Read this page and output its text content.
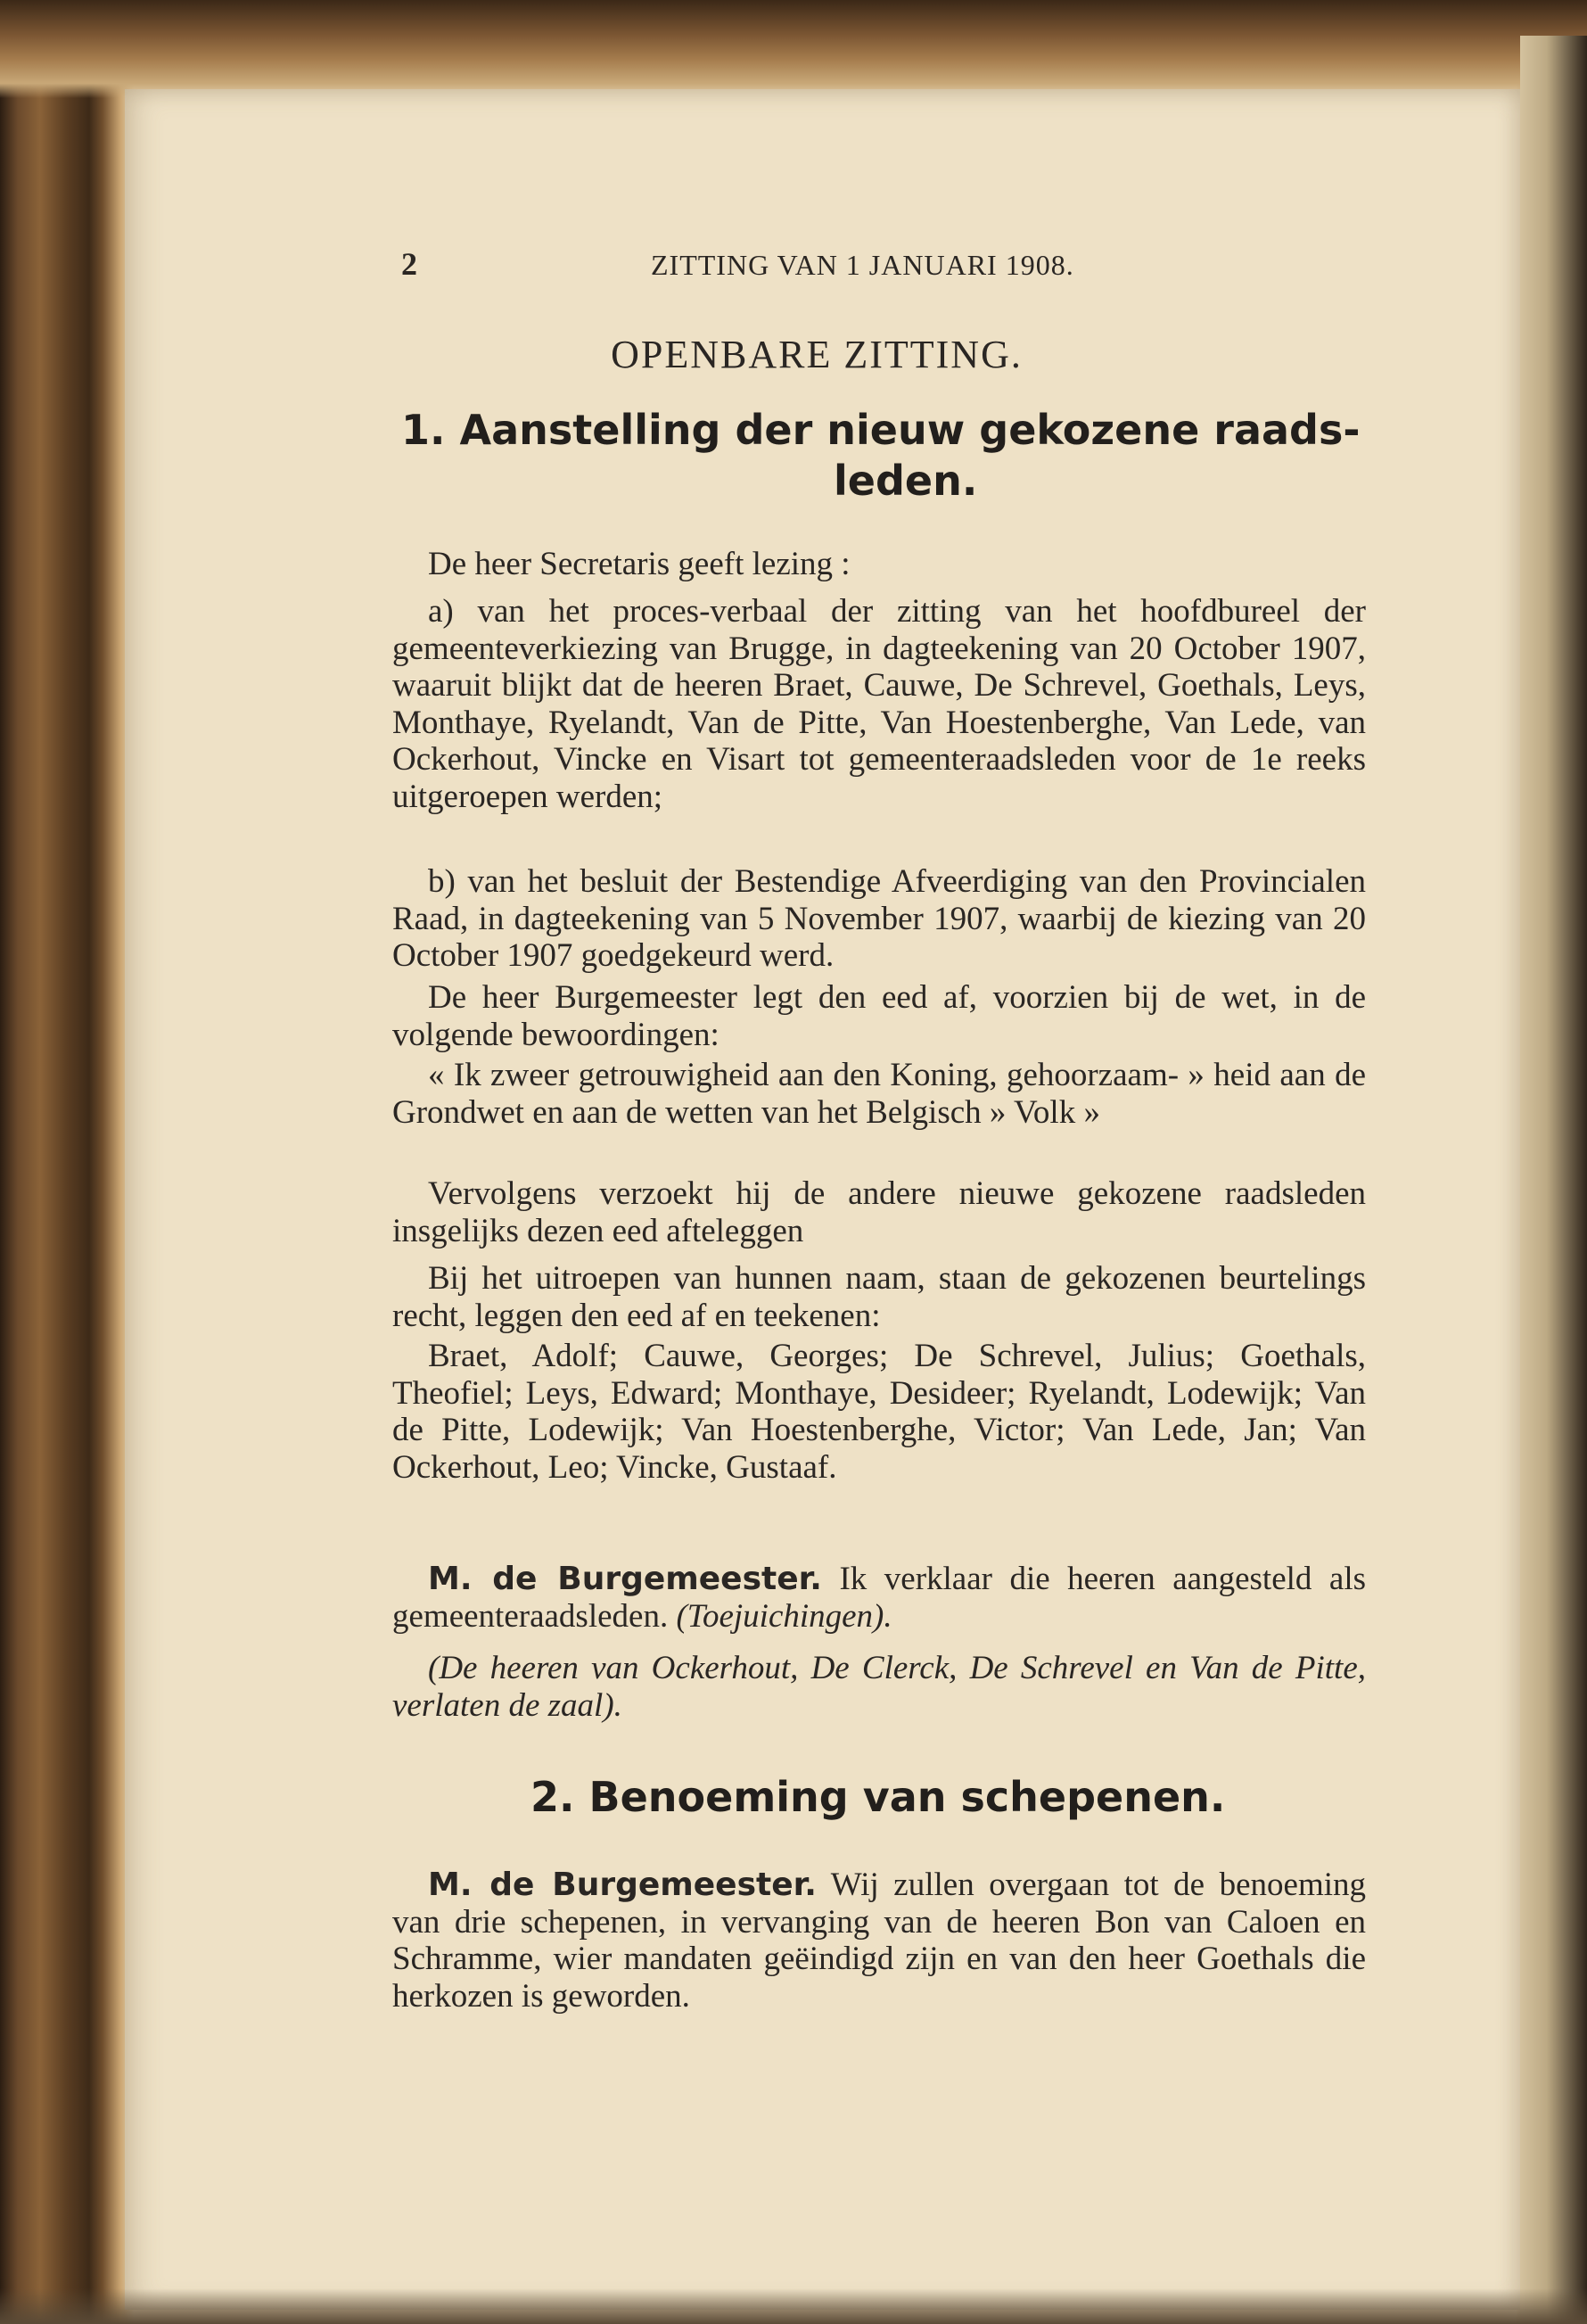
2	ZITTING VAN 1 JANUARI 1908.
OPENBARE ZITTING.
1. Aanstelling der nieuw gekozene raads-
leden.
De heer Secretaris geeft lezing :
a) van het proces-verbaal der zitting van het hoofdbureel der gemeenteverkiezing van Brugge, in dagteekening van 20 October 1907, waaruit blijkt dat de heeren Braet, Cauwe, De Schrevel, Goethals, Leys, Monthaye, Ryelandt, Van de Pitte, Van Hoestenberghe, Van Lede, van Ockerhout, Vincke en Visart tot gemeenteraadsleden voor de 1e reeks uitgeroepen werden;
b) van het besluit der Bestendige Afveerdiging van den Provincialen Raad, in dagteekening van 5 November 1907, waarbij de kiezing van 20 October 1907 goedgekeurd werd.
De heer Burgemeester legt den eed af, voorzien bij de wet, in de volgende bewoordingen:
« Ik zweer getrouwigheid aan den Koning, gehoorzaam- » heid aan de Grondwet en aan de wetten van het Belgisch » Volk »
Vervolgens verzoekt hij de andere nieuwe gekozene raadsleden insgelijks dezen eed afteleggen
Bij het uitroepen van hunnen naam, staan de gekozenen beurtelings recht, leggen den eed af en teekenen:
Braet, Adolf; Cauwe, Georges; De Schrevel, Julius; Goethals, Theofiel; Leys, Edward; Monthaye, Desideer; Ryelandt, Lodewijk; Van de Pitte, Lodewijk; Van Hoestenberghe, Victor; Van Lede, Jan; Van Ockerhout, Leo; Vincke, Gustaaf.
M. de Burgemeester. Ik verklaar die heeren aangesteld als gemeenteraadsleden. (Toejuichingen).
(De heeren van Ockerhout, De Clerck, De Schrevel en Van de Pitte, verlaten de zaal).
2. Benoeming van schepenen.
M. de Burgemeester. Wij zullen overgaan tot de benoeming van drie schepenen, in vervanging van de heeren Bon van Caloen en Schramme, wier mandaten geëindigd zijn en van den heer Goethals die herkozen is geworden.
